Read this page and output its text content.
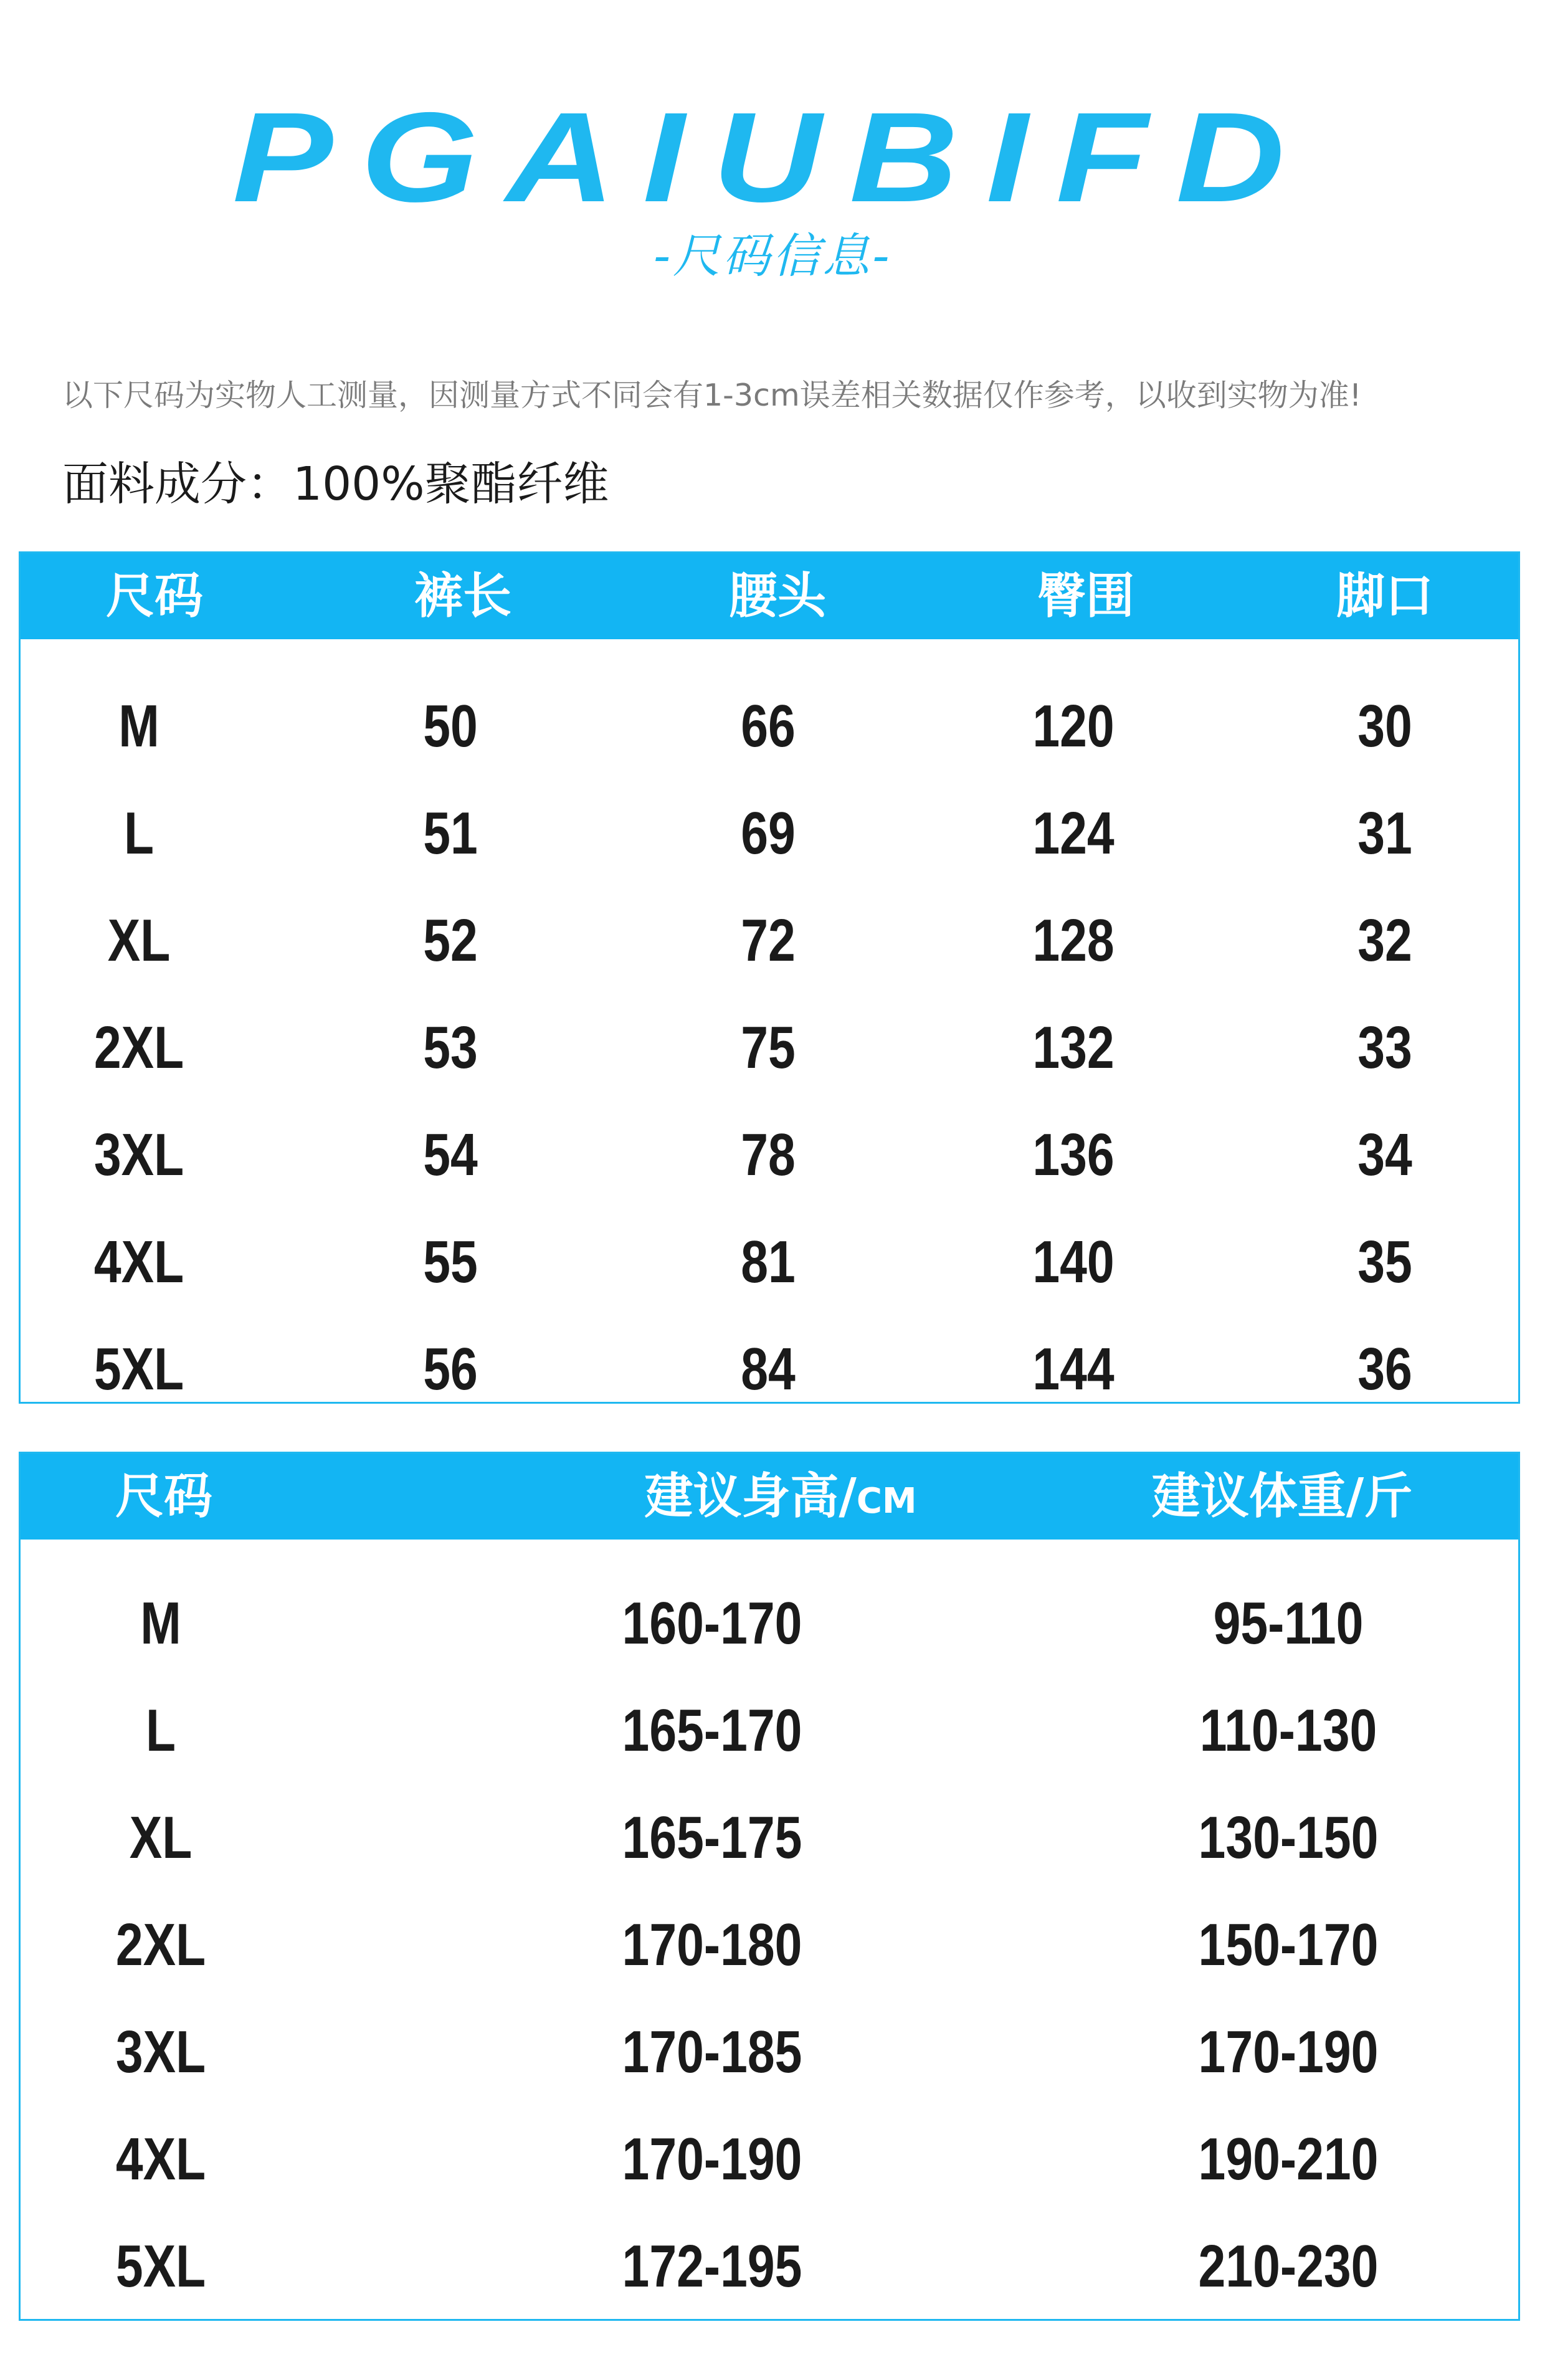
PGAIUBIFD
-尺码信息-
以下尺码为实物人工测量，因测量方式不同会有1-3cm误差相关数据仅作参考，以收到实物为准!
面料成分：100%聚酯纤维
尺码	裤长	腰头	臀围	脚口
M	50	66	120	30
L	51	69	124	31
XL	52	72	128	32
2XL	53	75	132	33
3XL	54	78	136	34
4XL	55	81	140	35
5XL	56	84	144	36
尺码	建议身高/CM	建议体重/斤
M	160-170	95-110
L	165-170	110-130
XL	165-175	130-150
2XL	170-180	150-170
3XL	170-185	170-190
4XL	170-190	190-210
5XL	172-195	210-230
